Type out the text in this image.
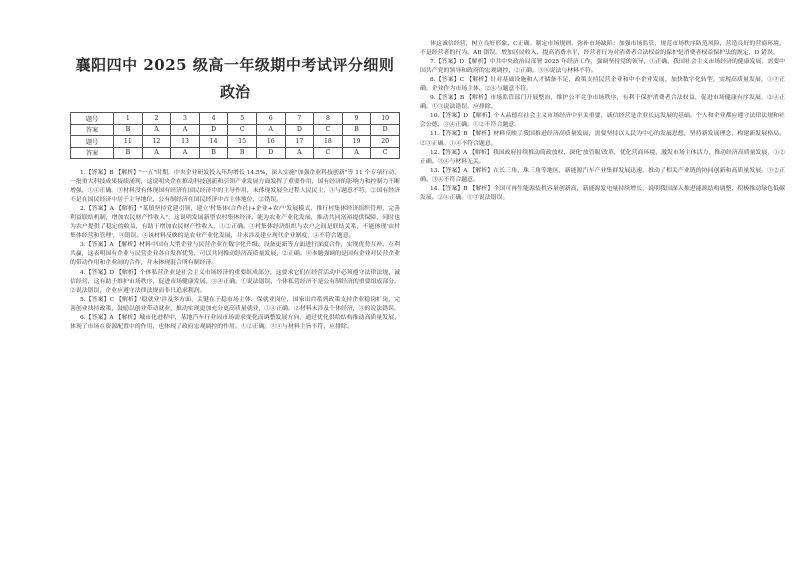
襄阳四中 2025 级高一年级期中考试评分细则
政治
题号	1	2	3	4	5	6	7	8	9	10
答案	B	A	A	D	C	A	D	C	B	D
题号	11	12	13	14	15	16	17	18	19	20
答案	B	A	A	B	B	D	A	C	A	C

1.【答案】B 【解析】"一五"时期，中央企业研发投入年均增长 14.5%，深入实施"加强企业科技创新"等 11 个专项行动，一批重大科技成果接续涌现，这说明央企在推动科技创新和引领产业发展方面发挥了重要作用，国有经济的影响力和控制力不断增强，①④正确。③材料没有体现国有经济在国民经济中的主导作用，未体现发展全过程人民民主，③与题意不符。②国有经济不是在国民经济中居于主导地位，公有制经济在国民经济中占主体地位，②错误。

2.【答案】A 【解析】"某镇坚持党建引领，建立'村集体(合作社)+企业+农户'发展模式，推行村集体经济组织管理，完善利益联结机制，增加农民财产性收入"，这说明发展新型农村集体经济，能为农业产业化发展，推动共同富裕提供保障，同时也为农户提供了稳定的收益，有助于增加农民财产性收入，①②正确。③村集体经济组织与农户之间是联结关系，不能体现'由村集体经营和管理'，③错误。④该材料反映的是农业产业化发展，并未涉及建立现代企业制度，④不符合题意。

3.【答案】A 【解析】材料中国有大型企业与民营企业在数字化升级、设备更新等方面进行深度合作，实现优势互补、互利共赢，这表明国有企业与民营企业各自发挥优势，可以共同推动经济高质量发展，②正确。④本题强调的是国有企业对民营企业的带动作用和企业间的合作，并未体现混合所有制经济。

4.【答案】D 【解析】个体私营企业是社会主义市场经济的重要组成部分，这要求它们在经营活动中必须遵守法律法规、诚信经营，这有助于维护市场秩序，促进市场健康发展。③④正确。①说法错误，个体私营经济不是公有制经济的重要组成部分。②说法错误，企业应遵守法律法规而非只追求利润。

5.【答案】C 【解析】'稳就业'涉及多方面，关键在于稳市场主体、保就业岗位，国家出台系列政策支持企业稳岗扩岗，完善创业扶持政策，鼓励以创业带动就业，推动实现更加充分更高质量就业，①④正确。②材料未涉及个体经济，③的说法错误。

6.【答案】A 【解析】城市化进程中，某地汽车行业因市场需求变化而调整发展方向，通过优化供给结构推动高质量发展，体现了市场在资源配置中的作用，也体现了政府宏观调控的作用。①②正确。③④与材料主旨不符，应排除。

体这诚信经营，树立良好形象，C正确。制定市场规则，弥补市场缺陷：加强市场监管，规范市场秩序防范风险，营造良好的营商环境，不是经营者的行为，AB 错误。增加居民收入、提高消费水平，经营者行为对消费者合法权益的保护是消费者权益保护法的规定，D 错误。

7.【答案】D 【解析】中共中央政治局部署 2025 年经济工作，强调坚持党的领导，①正确。我国社会主义市场经济的健康发展，需要中国共产党的领导和政府的宏观调控，②正确。③④说法与材料不符。

8.【答案】C 【解析】针对基础设施和人才储备不足，政策支持民营企业和中小企业发展，加快数字化转型，实现高质量发展，①③正确。企业作为市场主体，②④与题意不符。

9.【答案】B 【解析】市场监管部门开展整治，维护公平竞争市场秩序，有利于保护消费者合法权益，促进市场健康有序发展，②④正确。①③说法错误，应排除。

10.【答案】D 【解析】个人品德在社会主义市场经济中至关重要，诚信经营是企业长远发展的基础。个人和企业都应遵守法律法规和社会公德，③④正确。①②不符合题意。

11.【答案】B 【解析】材料反映了我国推进经济高质量发展，需要坚持以人民为中心的发展思想，坚持新发展理念，构建新发展格局。②③正确。①④不符合题意。

12.【答案】A 【解析】我国政府持续推动简政放权，深化'放管服'改革，优化营商环境，激发市场主体活力，推动经济高质量发展，①②正确。③④与材料无关。

13.【答案】A 【解析】在长三角、珠三角等地区，新能源汽车产业集群发展迅速，推动了相关产业链的协同创新和高质量发展。①②正确。③④不符合题意。

14.【答案】B 【解析】全国可再生能源装机容量创新高，新能源发电量持续增长，说明我国深入推进能源结构调整，积极推动绿色低碳发展。②④正确。①③说法错误。
